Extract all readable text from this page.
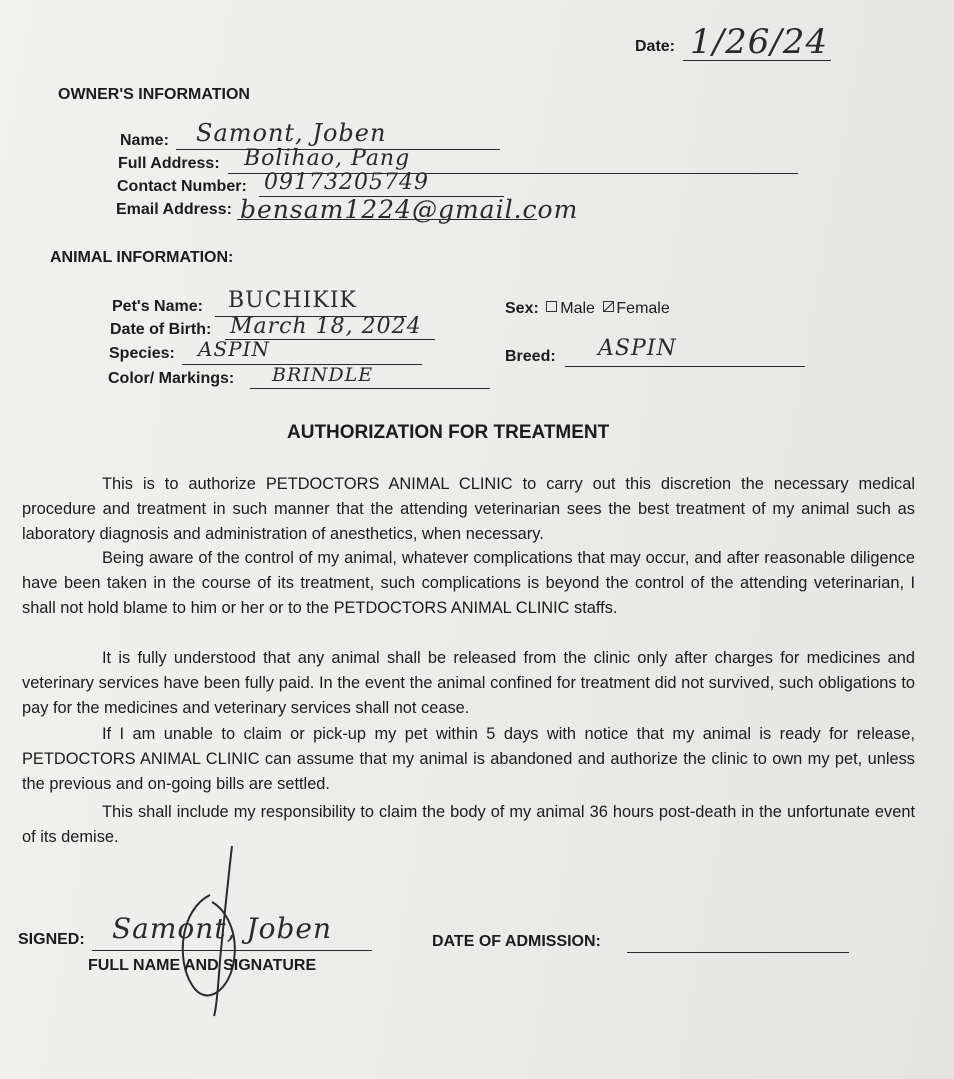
Date: 1/26/24
OWNER'S INFORMATION
Name: Samont, Joben
Full Address: Bolihao, Pang
Contact Number: 09173205749
Email Address: bensam1224@gmail.com
ANIMAL INFORMATION:
Pet's Name: BUCHIKIK
Date of Birth: March 18, 2024
Species: ASPIN
Color/ Markings: BRINDLE
Sex: Male Female
Breed: ASPIN
AUTHORIZATION FOR TREATMENT

This is to authorize PETDOCTORS ANIMAL CLINIC to carry out this discretion the necessary medical procedure and treatment in such manner that the attending veterinarian sees the best treatment of my animal such as laboratory diagnosis and administration of anesthetics, when necessary.

Being aware of the control of my animal, whatever complications that may occur, and after reasonable diligence have been taken in the course of its treatment, such complications is beyond the control of the attending veterinarian, I shall not hold blame to him or her or to the PETDOCTORS ANIMAL CLINIC staffs.

It is fully understood that any animal shall be released from the clinic only after charges for medicines and veterinary services have been fully paid. In the event the animal confined for treatment did not survived, such obligations to pay for the medicines and veterinary services shall not cease.

If I am unable to claim or pick-up my pet within 5 days with notice that my animal is ready for release, PETDOCTORS ANIMAL CLINIC can assume that my animal is abandoned and authorize the clinic to own my pet, unless the previous and on-going bills are settled.

This shall include my responsibility to claim the body of my animal 36 hours post-death in the unfortunate event of its demise.

SIGNED: Samont, Joben
FULL NAME AND SIGNATURE
DATE OF ADMISSION:
